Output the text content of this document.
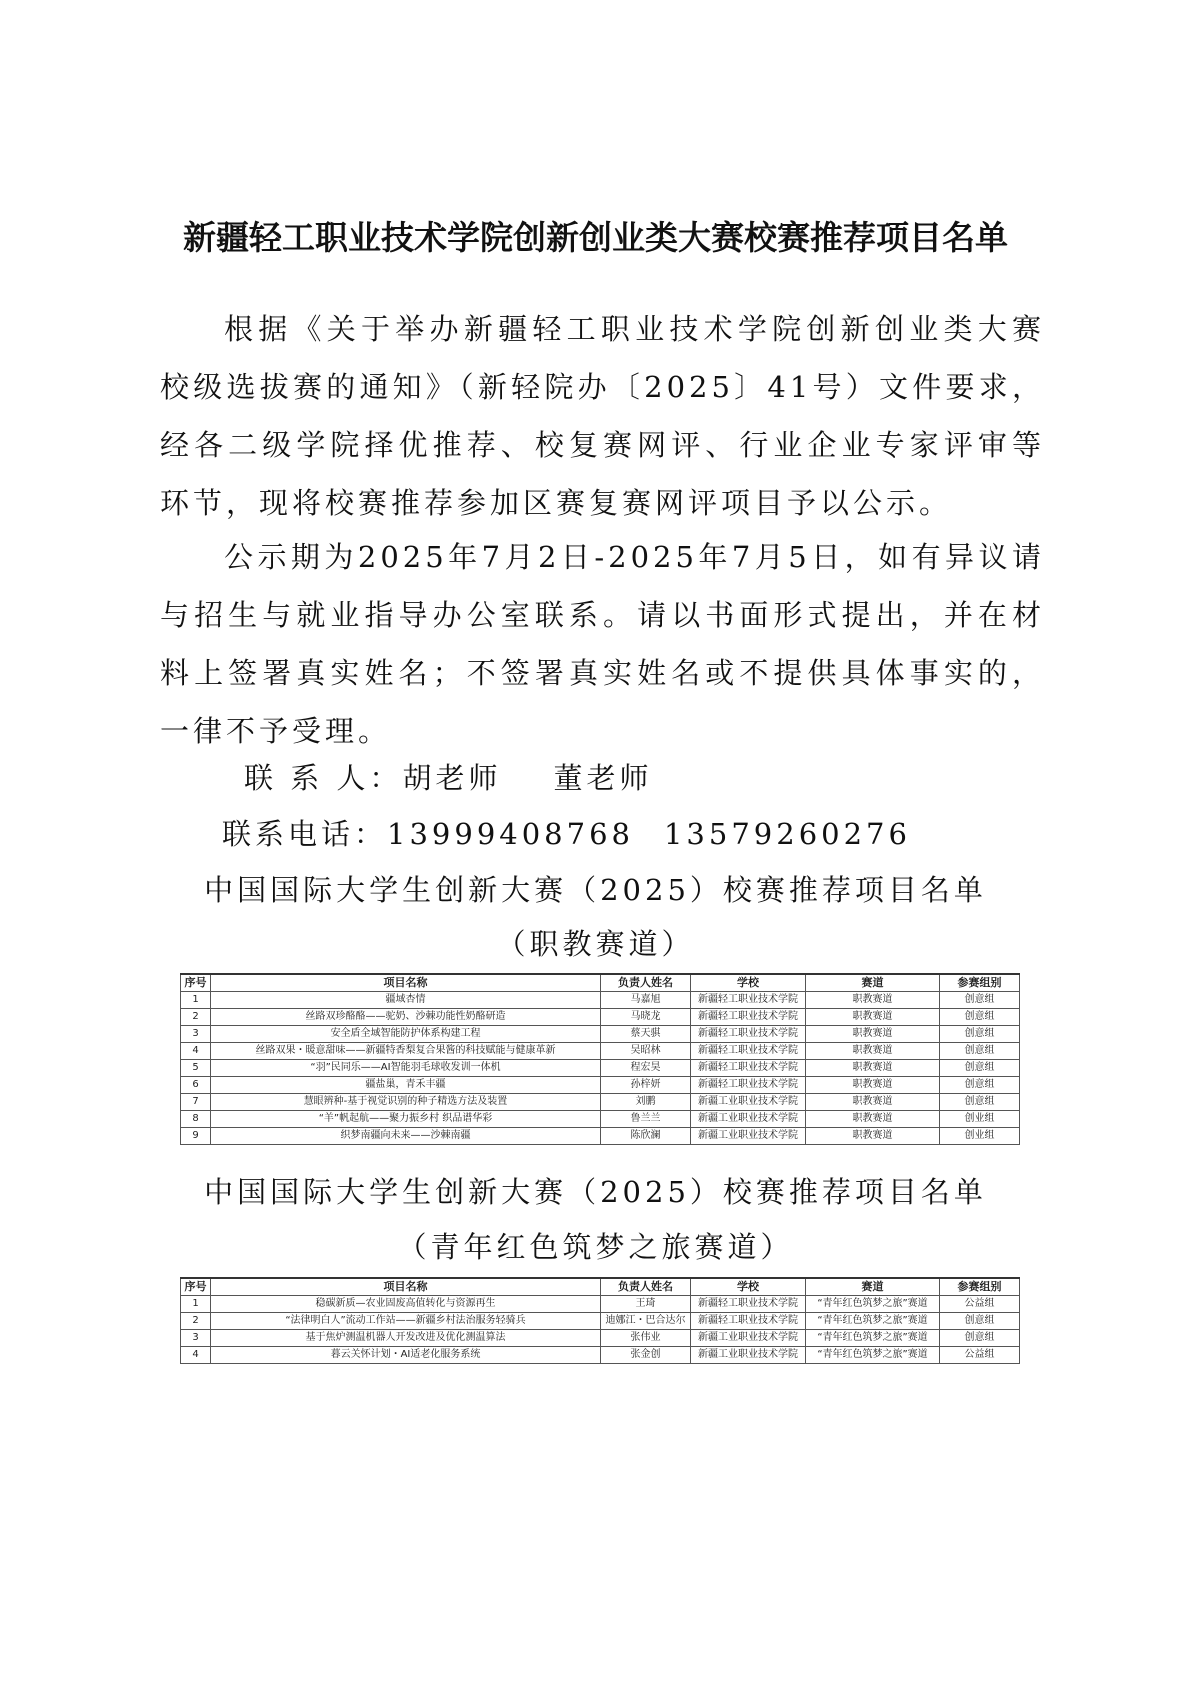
新疆轻工职业技术学院创新创业类大赛校赛推荐项目名单

根据《关于举办新疆轻工职业技术学院创新创业类大赛校级选拔赛的通知》（新轻院办〔2025〕41号）文件要求，经各二级学院择优推荐、校复赛网评、行业企业专家评审等环节，现将校赛推荐参加区赛复赛网评项目予以公示。

公示期为2025年7月2日-2025年7月5日，如有异议请与招生与就业指导办公室联系。请以书面形式提出，并在材料上签署真实姓名；不签署真实姓名或不提供具体事实的，一律不予受理。

联 系 人：胡老师 董老师

联系电话：13999408768 13579260276

中国国际大学生创新大赛（2025）校赛推荐项目名单

（职教赛道）

序号	项目名称	负责人姓名	学校	赛道	参赛组别
1	疆域杏情	马嘉旭	新疆轻工职业技术学院	职教赛道	创意组
2	丝路双珍酪酪——驼奶、沙棘功能性奶酪研造	马晓龙	新疆轻工职业技术学院	职教赛道	创意组
3	安全盾全域智能防护体系构建工程	蔡天骐	新疆轻工职业技术学院	职教赛道	创意组
4	丝路双果・暖意甜味——新疆特香梨复合果酱的科技赋能与健康革新	吴昭林	新疆轻工职业技术学院	职教赛道	创意组
5	“羽”民同乐——AI智能羽毛球收发训一体机	程宏昊	新疆轻工职业技术学院	职教赛道	创意组
6	疆盐巢，青禾丰疆	孙梓妍	新疆轻工职业技术学院	职教赛道	创意组
7	慧眼辨种-基于视觉识别的种子精选方法及装置	刘鹏	新疆工业职业技术学院	职教赛道	创意组
8	“羊”帆起航——聚力振乡村 织品谱华彩	鲁兰兰	新疆工业职业技术学院	职教赛道	创业组
9	织梦南疆向未来——沙棘南疆	陈欣澜	新疆工业职业技术学院	职教赛道	创业组

中国国际大学生创新大赛（2025）校赛推荐项目名单

（青年红色筑梦之旅赛道）

序号	项目名称	负责人姓名	学校	赛道	参赛组别
1	稳碳新质—农业固废高值转化与资源再生	王琦	新疆轻工职业技术学院	“青年红色筑梦之旅”赛道	公益组
2	“法律明白人”流动工作站——新疆乡村法治服务轻骑兵	迪娜江・巴合达尔	新疆轻工职业技术学院	“青年红色筑梦之旅”赛道	创意组
3	基于焦炉测温机器人开发改进及优化测温算法	张伟业	新疆工业职业技术学院	“青年红色筑梦之旅”赛道	创意组
4	暮云关怀计划・AI适老化服务系统	张金创	新疆工业职业技术学院	“青年红色筑梦之旅”赛道	公益组
